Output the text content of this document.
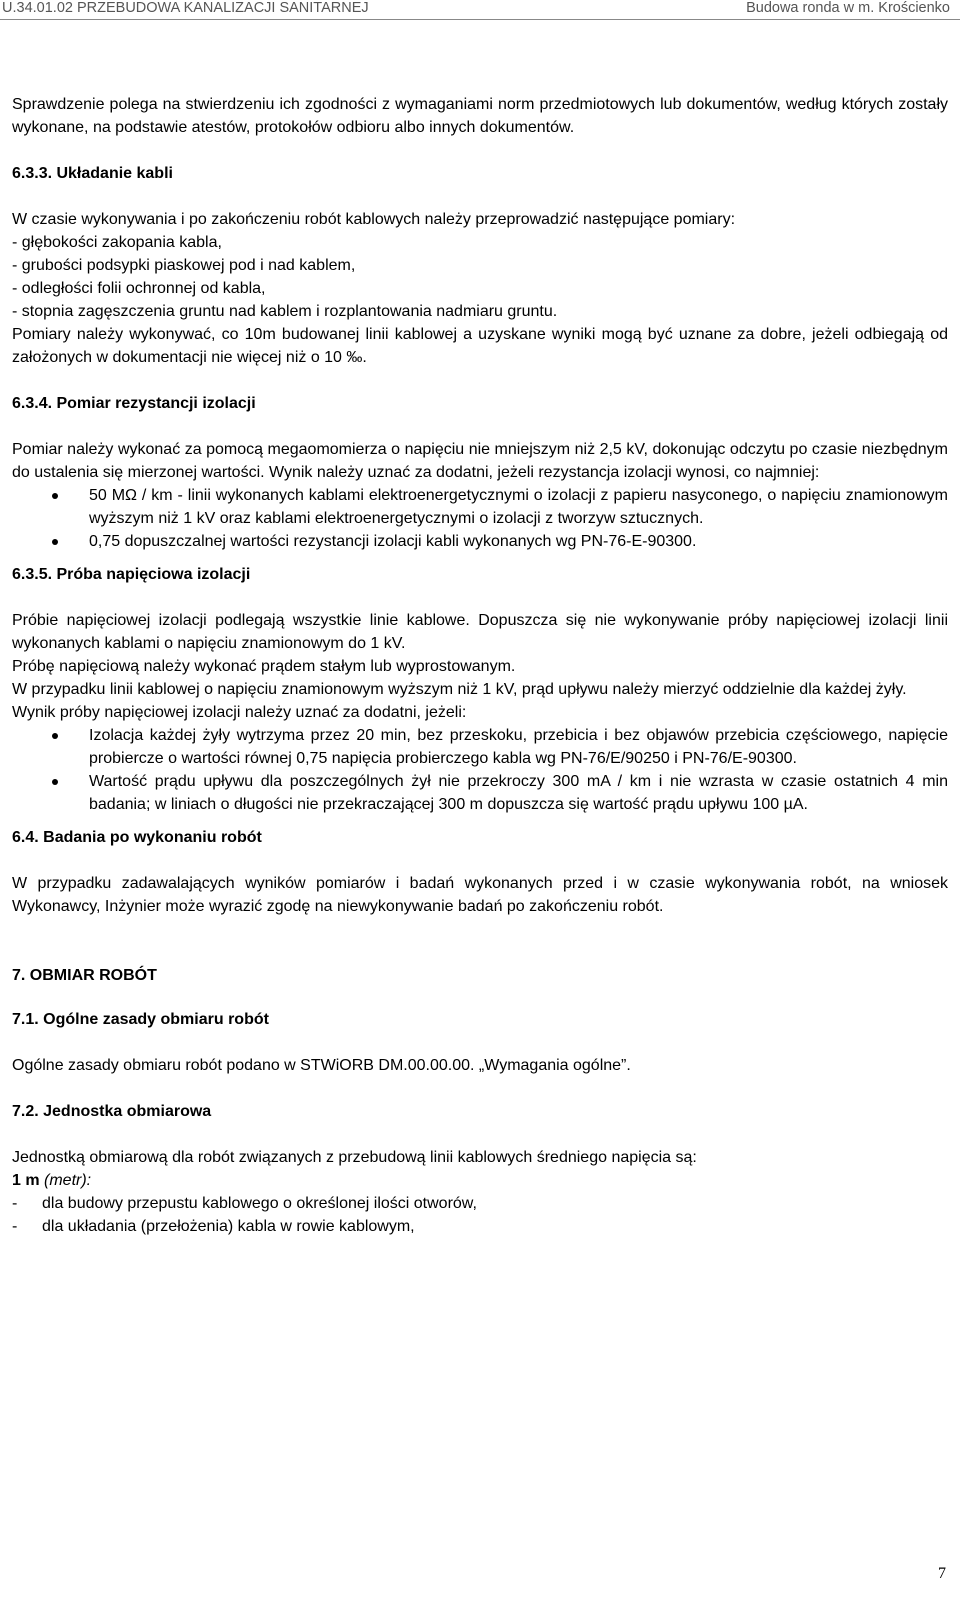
U.34.01.02 PRZEBUDOWA KANALIZACJI SANITARNEJ	Budowa ronda w m. Krościenko

Sprawdzenie polega na stwierdzeniu ich zgodności z wymaganiami norm przedmiotowych lub dokumentów, według których zostały wykonane, na podstawie atestów, protokołów odbioru albo innych dokumentów.

6.3.3. Układanie kabli
W czasie wykonywania i po zakończeniu robót kablowych należy przeprowadzić następujące pomiary:
- głębokości zakopania kabla,
- grubości podsypki piaskowej pod i nad kablem,
- odległości folii ochronnej od kabla,
- stopnia zagęszczenia gruntu nad kablem i rozplantowania nadmiaru gruntu.

Pomiary należy wykonywać, co 10m budowanej linii kablowej a uzyskane wyniki mogą być uznane za dobre, jeżeli odbiegają od założonych w dokumentacji nie więcej niż o 10 ‰.

6.3.4. Pomiar rezystancji izolacji

Pomiar należy wykonać za pomocą megaomomierza o napięciu nie mniejszym niż 2,5 kV, dokonując odczytu po czasie niezbędnym do ustalenia się mierzonej wartości. Wynik należy uznać za dodatni, jeżeli rezystancja izolacji wynosi, co najmniej:

50 MΩ / km - linii wykonanych kablami elektroenergetycznymi o izolacji z papieru nasyconego, o napięciu znamionowym wyższym niż 1 kV oraz kablami elektroenergetycznymi o izolacji z tworzyw sztucznych.
0,75 dopuszczalnej wartości rezystancji izolacji kabli wykonanych wg PN-76-E-90300.
6.3.5. Próba napięciowa izolacji

Próbie napięciowej izolacji podlegają wszystkie linie kablowe. Dopuszcza się nie wykonywanie próby napięciowej izolacji linii wykonanych kablami o napięciu znamionowym do 1 kV.

Próbę napięciową należy wykonać prądem stałym lub wyprostowanym.

W przypadku linii kablowej o napięciu znamionowym wyższym niż 1 kV, prąd upływu należy mierzyć oddzielnie dla każdej żyły.

Wynik próby napięciowej izolacji należy uznać za dodatni, jeżeli:

Izolacja każdej żyły wytrzyma przez 20 min, bez przeskoku, przebicia i bez objawów przebicia częściowego, napięcie probiercze o wartości równej 0,75 napięcia probierczego kabla wg PN-76/E/90250 i PN-76/E-90300.
Wartość prądu upływu dla poszczególnych żył nie przekroczy 300 mA / km i nie wzrasta w czasie ostatnich 4 min badania; w liniach o długości nie przekraczającej 300 m dopuszcza się wartość prądu upływu 100 µA.
6.4. Badania po wykonaniu robót

W przypadku zadawalających wyników pomiarów i badań wykonanych przed i w czasie wykonywania robót, na wniosek Wykonawcy, Inżynier może wyrazić zgodę na niewykonywanie badań po zakończeniu robót.

7. OBMIAR ROBÓT
7.1. Ogólne zasady obmiaru robót

Ogólne zasady obmiaru robót podano w STWiORB DM.00.00.00. „Wymagania ogólne”.

7.2. Jednostka obmiarowa

Jednostką obmiarową dla robót związanych z przebudową linii kablowych średniego napięcia są:

1 m (metr):
-	dla budowy przepustu kablowego o określonej ilości otworów,
-	dla układania (przełożenia) kabla w rowie kablowym,
7
